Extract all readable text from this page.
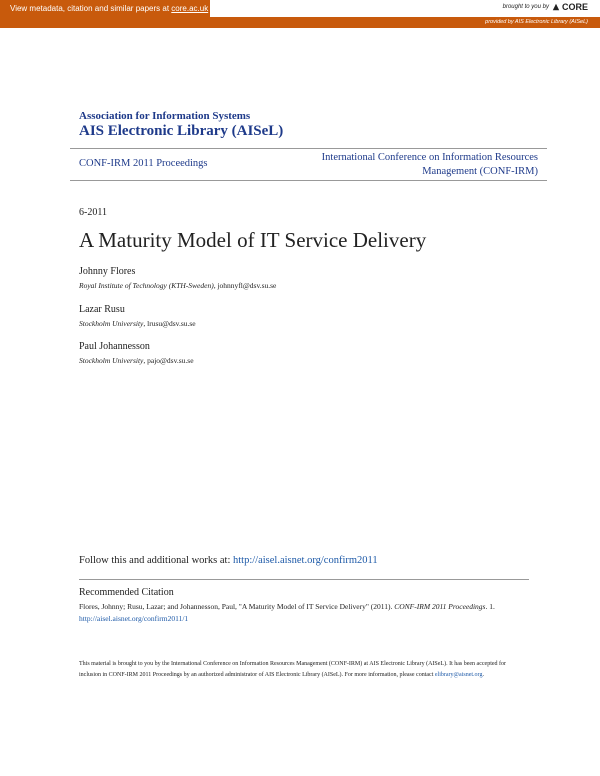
View metadata, citation and similar papers at core.ac.uk	brought to you by CORE
provided by AIS Electronic Library (AISeL)
Association for Information Systems
AIS Electronic Library (AISeL)
CONF-IRM 2011 Proceedings
International Conference on Information Resources Management (CONF-IRM)
6-2011
A Maturity Model of IT Service Delivery
Johnny Flores
Royal Institute of Technology (KTH-Sweden), johnnyfl@dsv.su.se
Lazar Rusu
Stockholm University, lrusu@dsv.su.se
Paul Johannesson
Stockholm University, pajo@dsv.su.se
Follow this and additional works at: http://aisel.aisnet.org/confirm2011
Recommended Citation
Flores, Johnny; Rusu, Lazar; and Johannesson, Paul, "A Maturity Model of IT Service Delivery" (2011). CONF-IRM 2011 Proceedings. 1.
http://aisel.aisnet.org/confirm2011/1
This material is brought to you by the International Conference on Information Resources Management (CONF-IRM) at AIS Electronic Library (AISeL). It has been accepted for inclusion in CONF-IRM 2011 Proceedings by an authorized administrator of AIS Electronic Library (AISeL). For more information, please contact elibrary@aisnet.org.
